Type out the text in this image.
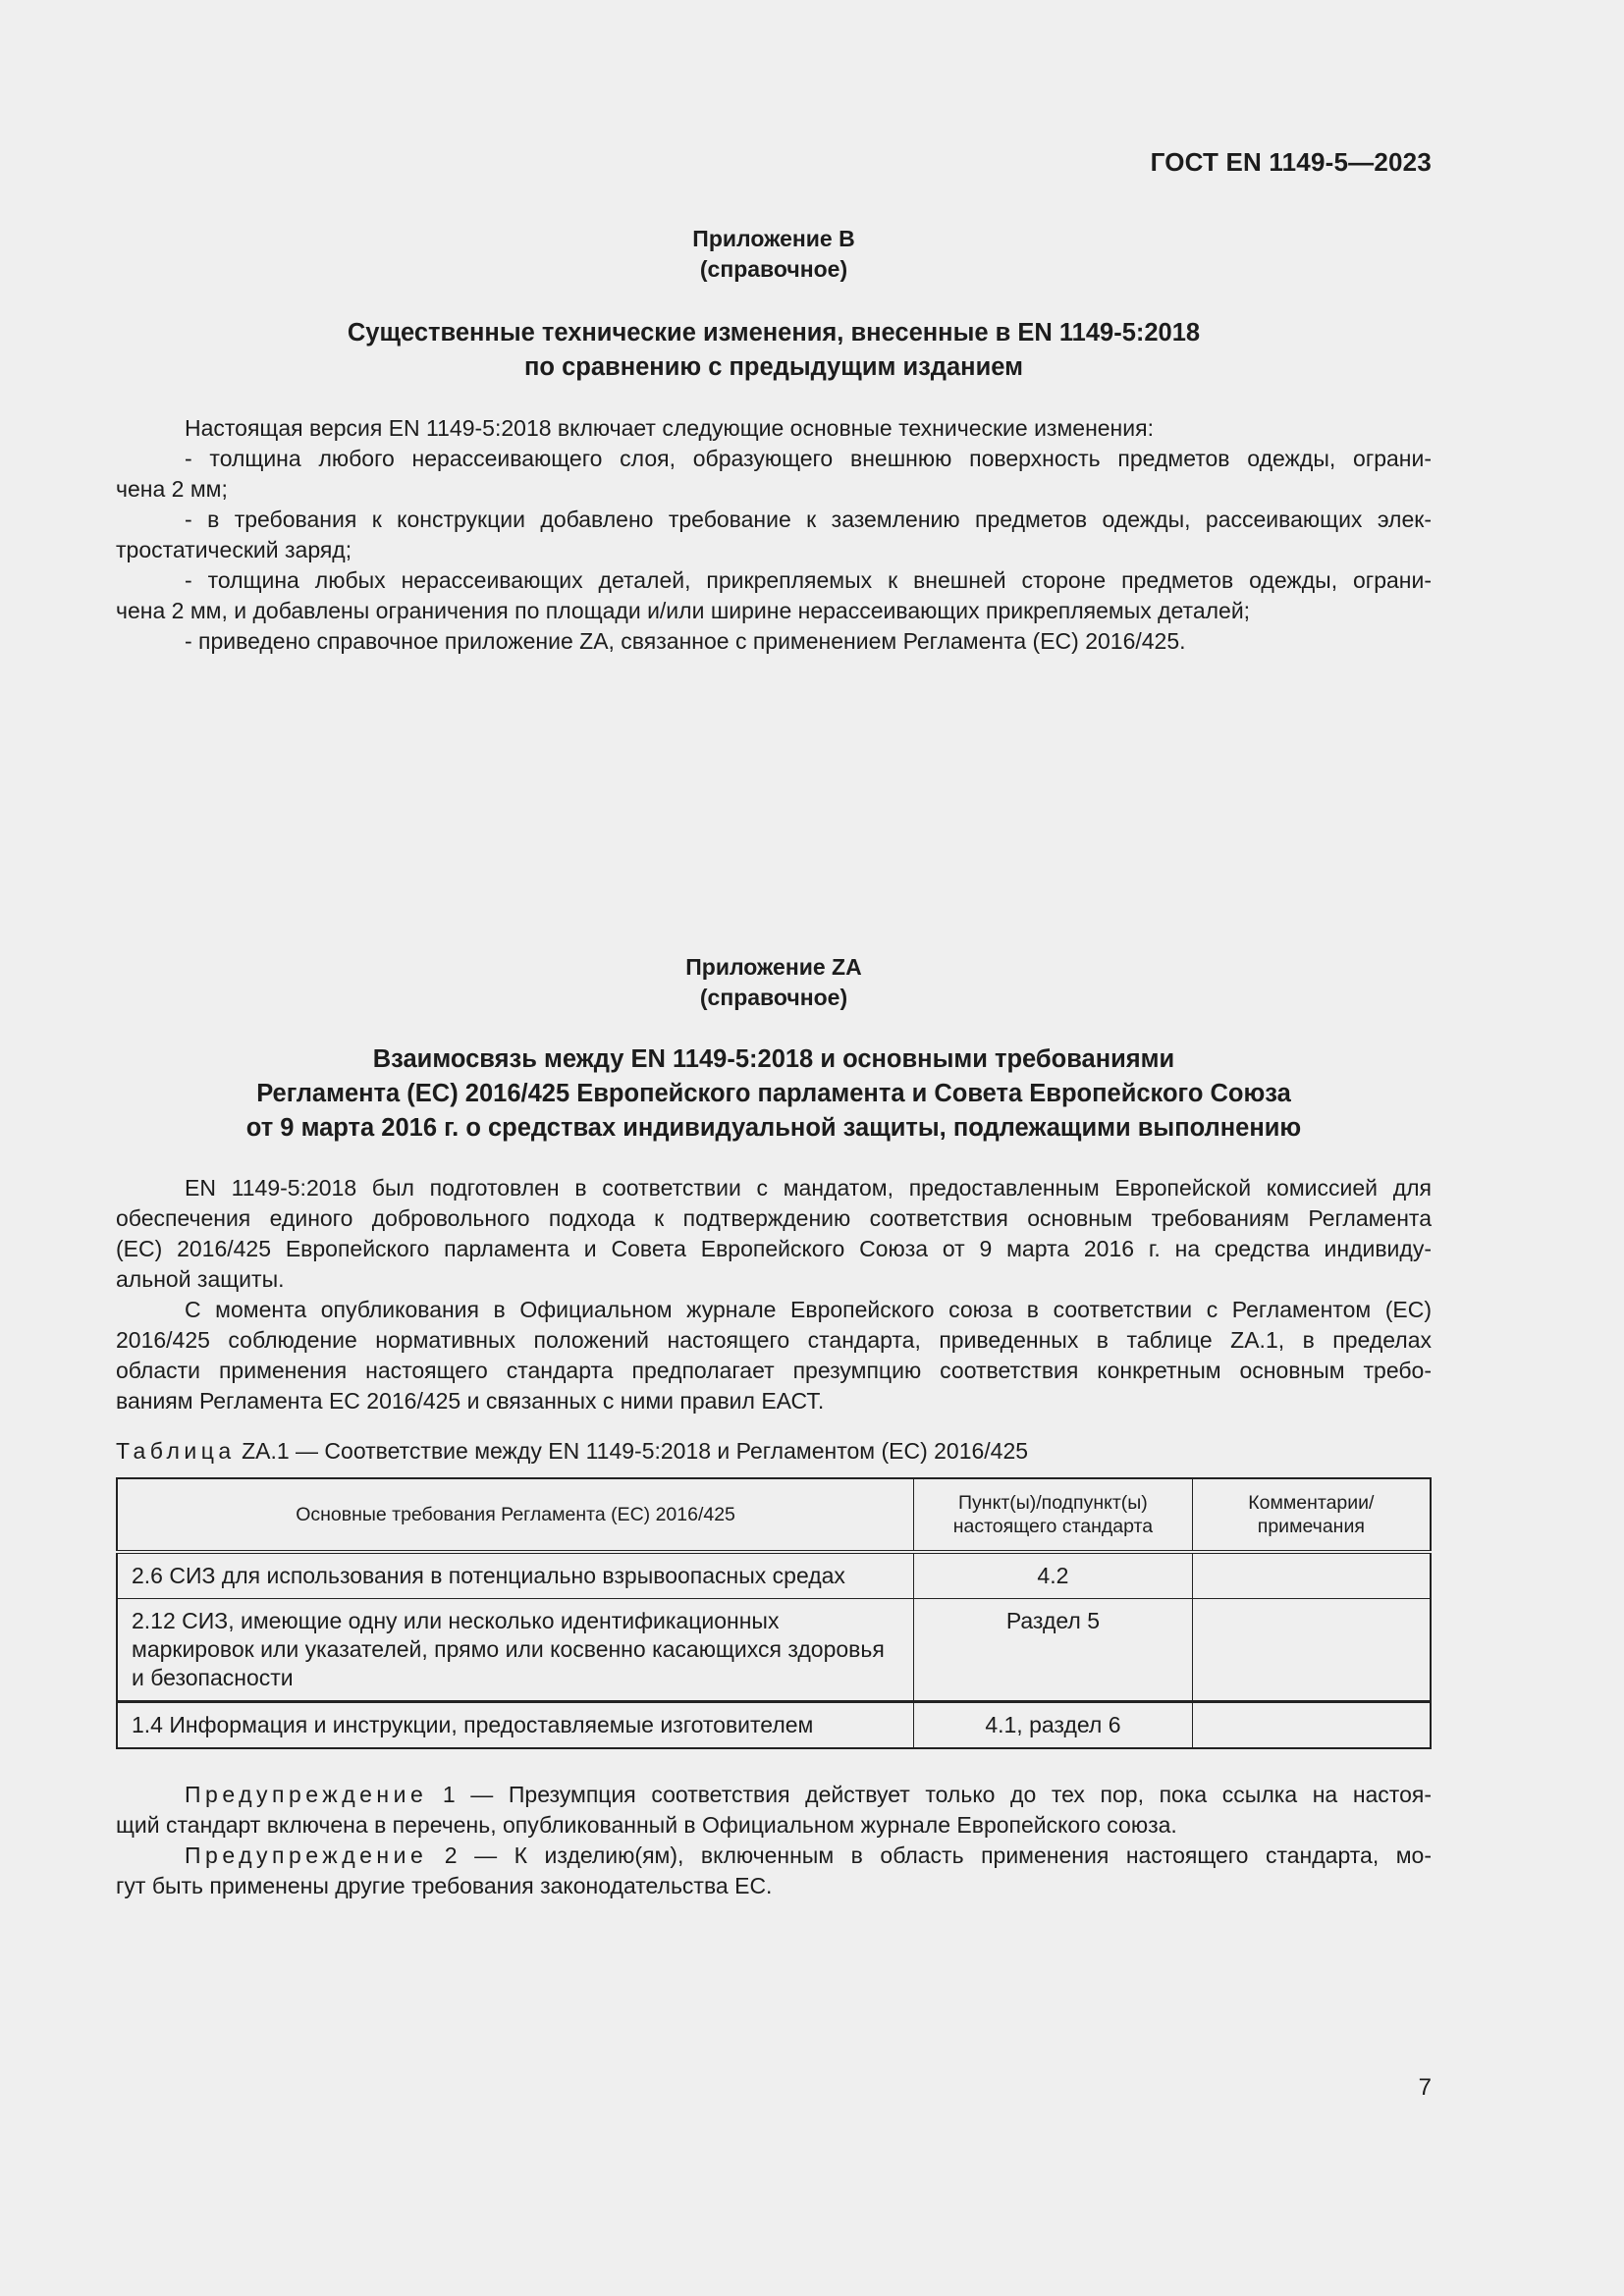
ГОСТ EN 1149-5—2023
Приложение В
(справочное)
Существенные технические изменения, внесенные в EN 1149-5:2018
по сравнению с предыдущим изданием
Настоящая версия EN 1149-5:2018 включает следующие основные технические изменения:
- толщина любого нерассеивающего слоя, образующего внешнюю поверхность предметов одежды, ограни-
чена 2 мм;
- в требования к конструкции добавлено требование к заземлению предметов одежды, рассеивающих элек-
тростатический заряд;
- толщина любых нерассеивающих деталей, прикрепляемых к внешней стороне предметов одежды, ограни-
чена 2 мм, и добавлены ограничения по площади и/или ширине нерассеивающих прикрепляемых деталей;
- приведено справочное приложение ZA, связанное с применением Регламента (ЕС) 2016/425.
Приложение ZA
(справочное)
Взаимосвязь между EN 1149-5:2018 и основными требованиями
Регламента (ЕС) 2016/425 Европейского парламента и Совета Европейского Союза
от 9 марта 2016 г. о средствах индивидуальной защиты, подлежащими выполнению
EN 1149-5:2018 был подготовлен в соответствии с мандатом, предоставленным Европейской комиссией для
обеспечения единого добровольного подхода к подтверждению соответствия основным требованиям Регламента
(ЕС) 2016/425 Европейского парламента и Совета Европейского Союза от 9 марта 2016 г. на средства индивиду-
альной защиты.
С момента опубликования в Официальном журнале Европейского союза в соответствии с Регламентом (ЕС)
2016/425 соблюдение нормативных положений настоящего стандарта, приведенных в таблице ZA.1, в пределах
области применения настоящего стандарта предполагает презумпцию соответствия конкретным основным требо-
ваниям Регламента ЕС 2016/425 и связанных с ними правил ЕАСТ.
Таблица ZA.1 — Соответствие между EN 1149-5:2018 и Регламентом (ЕС) 2016/425
Основные требования Регламента (ЕС) 2016/425	Пункт(ы)/подпункт(ы) настоящего стандарта	Комментарии/ примечания
2.6 СИЗ для использования в потенциально взрывоопасных средах	4.2	
2.12 СИЗ, имеющие одну или несколько идентификационных маркировок или указателей, прямо или косвенно касающихся здоровья и безопасности	Раздел 5	
1.4 Информация и инструкции, предоставляемые изготовителем	4.1, раздел 6	
Предупреждение 1 — Презумпция соответствия действует только до тех пор, пока ссылка на настоя-
щий стандарт включена в перечень, опубликованный в Официальном журнале Европейского союза.
Предупреждение 2 — К изделию(ям), включенным в область применения настоящего стандарта, мо-
гут быть применены другие требования законодательства ЕС.
7
